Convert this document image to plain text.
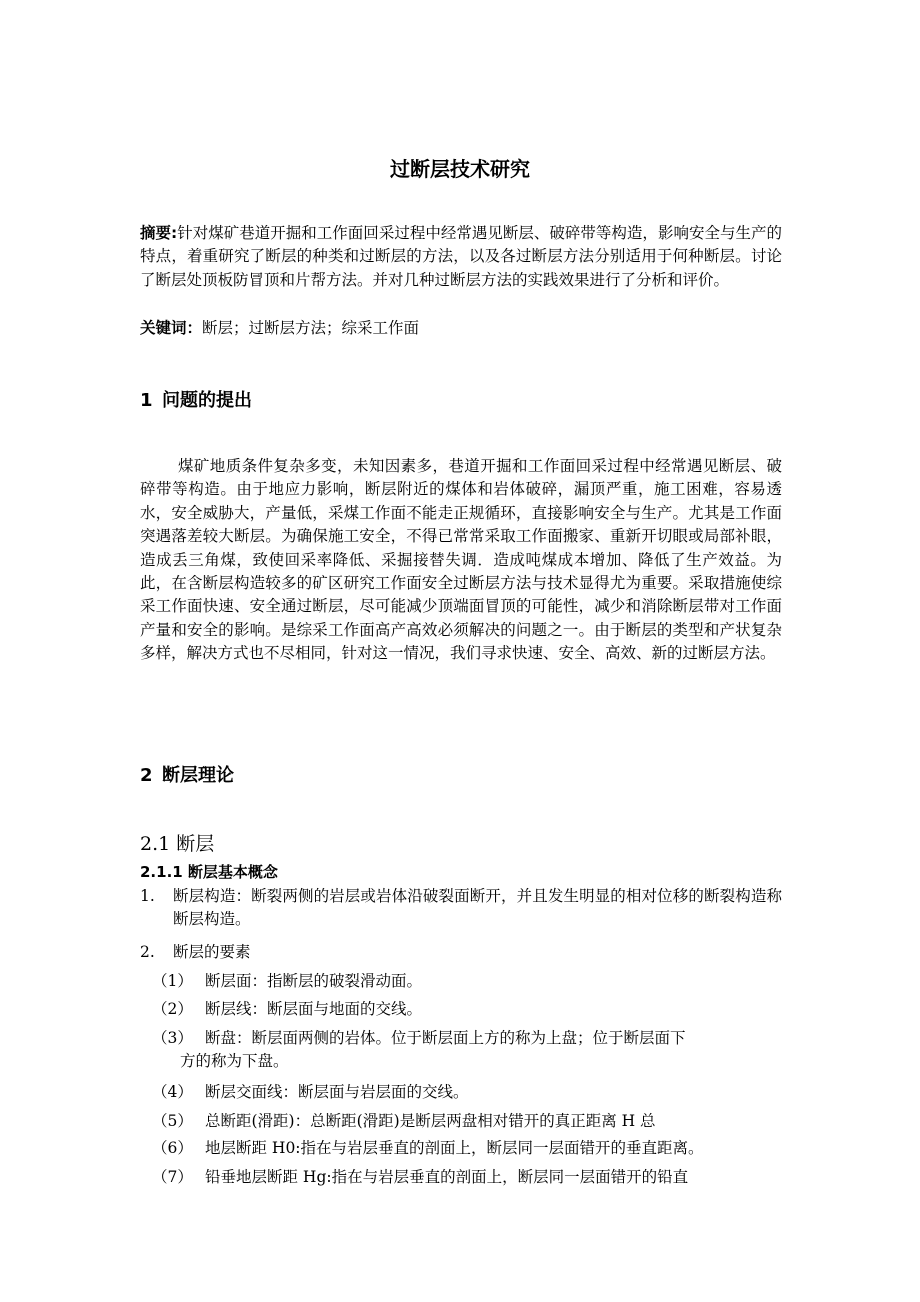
过断层技术研究
摘要:针对煤矿巷道开掘和工作面回采过程中经常遇见断层、破碎带等构造，影响安全与生产的特点，着重研究了断层的种类和过断层的方法，以及各过断层方法分别适用于何种断层。讨论了断层处顶板防冒顶和片帮方法。并对几种过断层方法的实践效果进行了分析和评价。
关键词：断层；过断层方法；综采工作面
1 问题的提出
煤矿地质条件复杂多变，未知因素多，巷道开掘和工作面回采过程中经常遇见断层、破碎带等构造。由于地应力影响，断层附近的煤体和岩体破碎，漏顶严重，施工困难，容易透水，安全威胁大，产量低，采煤工作面不能走正规循环，直接影响安全与生产。尤其是工作面突遇落差较大断层。为确保施工安全，不得已常常采取工作面搬家、重新开切眼或局部补眼，造成丢三角煤，致使回采率降低、采掘接替失调．造成吨煤成本增加、降低了生产效益。为此，在含断层构造较多的矿区研究工作面安全过断层方法与技术显得尤为重要。采取措施使综采工作面快速、安全通过断层，尽可能减少顶端面冒顶的可能性，减少和消除断层带对工作面产量和安全的影响。是综采工作面高产高效必须解决的问题之一。由于断层的类型和产状复杂多样，解决方式也不尽相同，针对这一情况，我们寻求快速、安全、高效、新的过断层方法。
2 断层理论
2.1 断层
2.1.1 断层基本概念
1.	断层构造：断裂两侧的岩层或岩体沿破裂面断开，并且发生明显的相对位移的断裂构造称断层构造。
2.	断层的要素
（1） 断层面：指断层的破裂滑动面。
（2） 断层线：断层面与地面的交线。
（3） 断盘：断层面两侧的岩体。位于断层面上方的称为上盘；位于断层面下
方的称为下盘。
（4） 断层交面线：断层面与岩层面的交线。
（5） 总断距(滑距)：总断距(滑距)是断层两盘相对错开的真正距离 H 总
（6） 地层断距 H0:指在与岩层垂直的剖面上，断层同一层面错开的垂直距离。
（7） 铅垂地层断距 Hg:指在与岩层垂直的剖面上，断层同一层面错开的铅直
